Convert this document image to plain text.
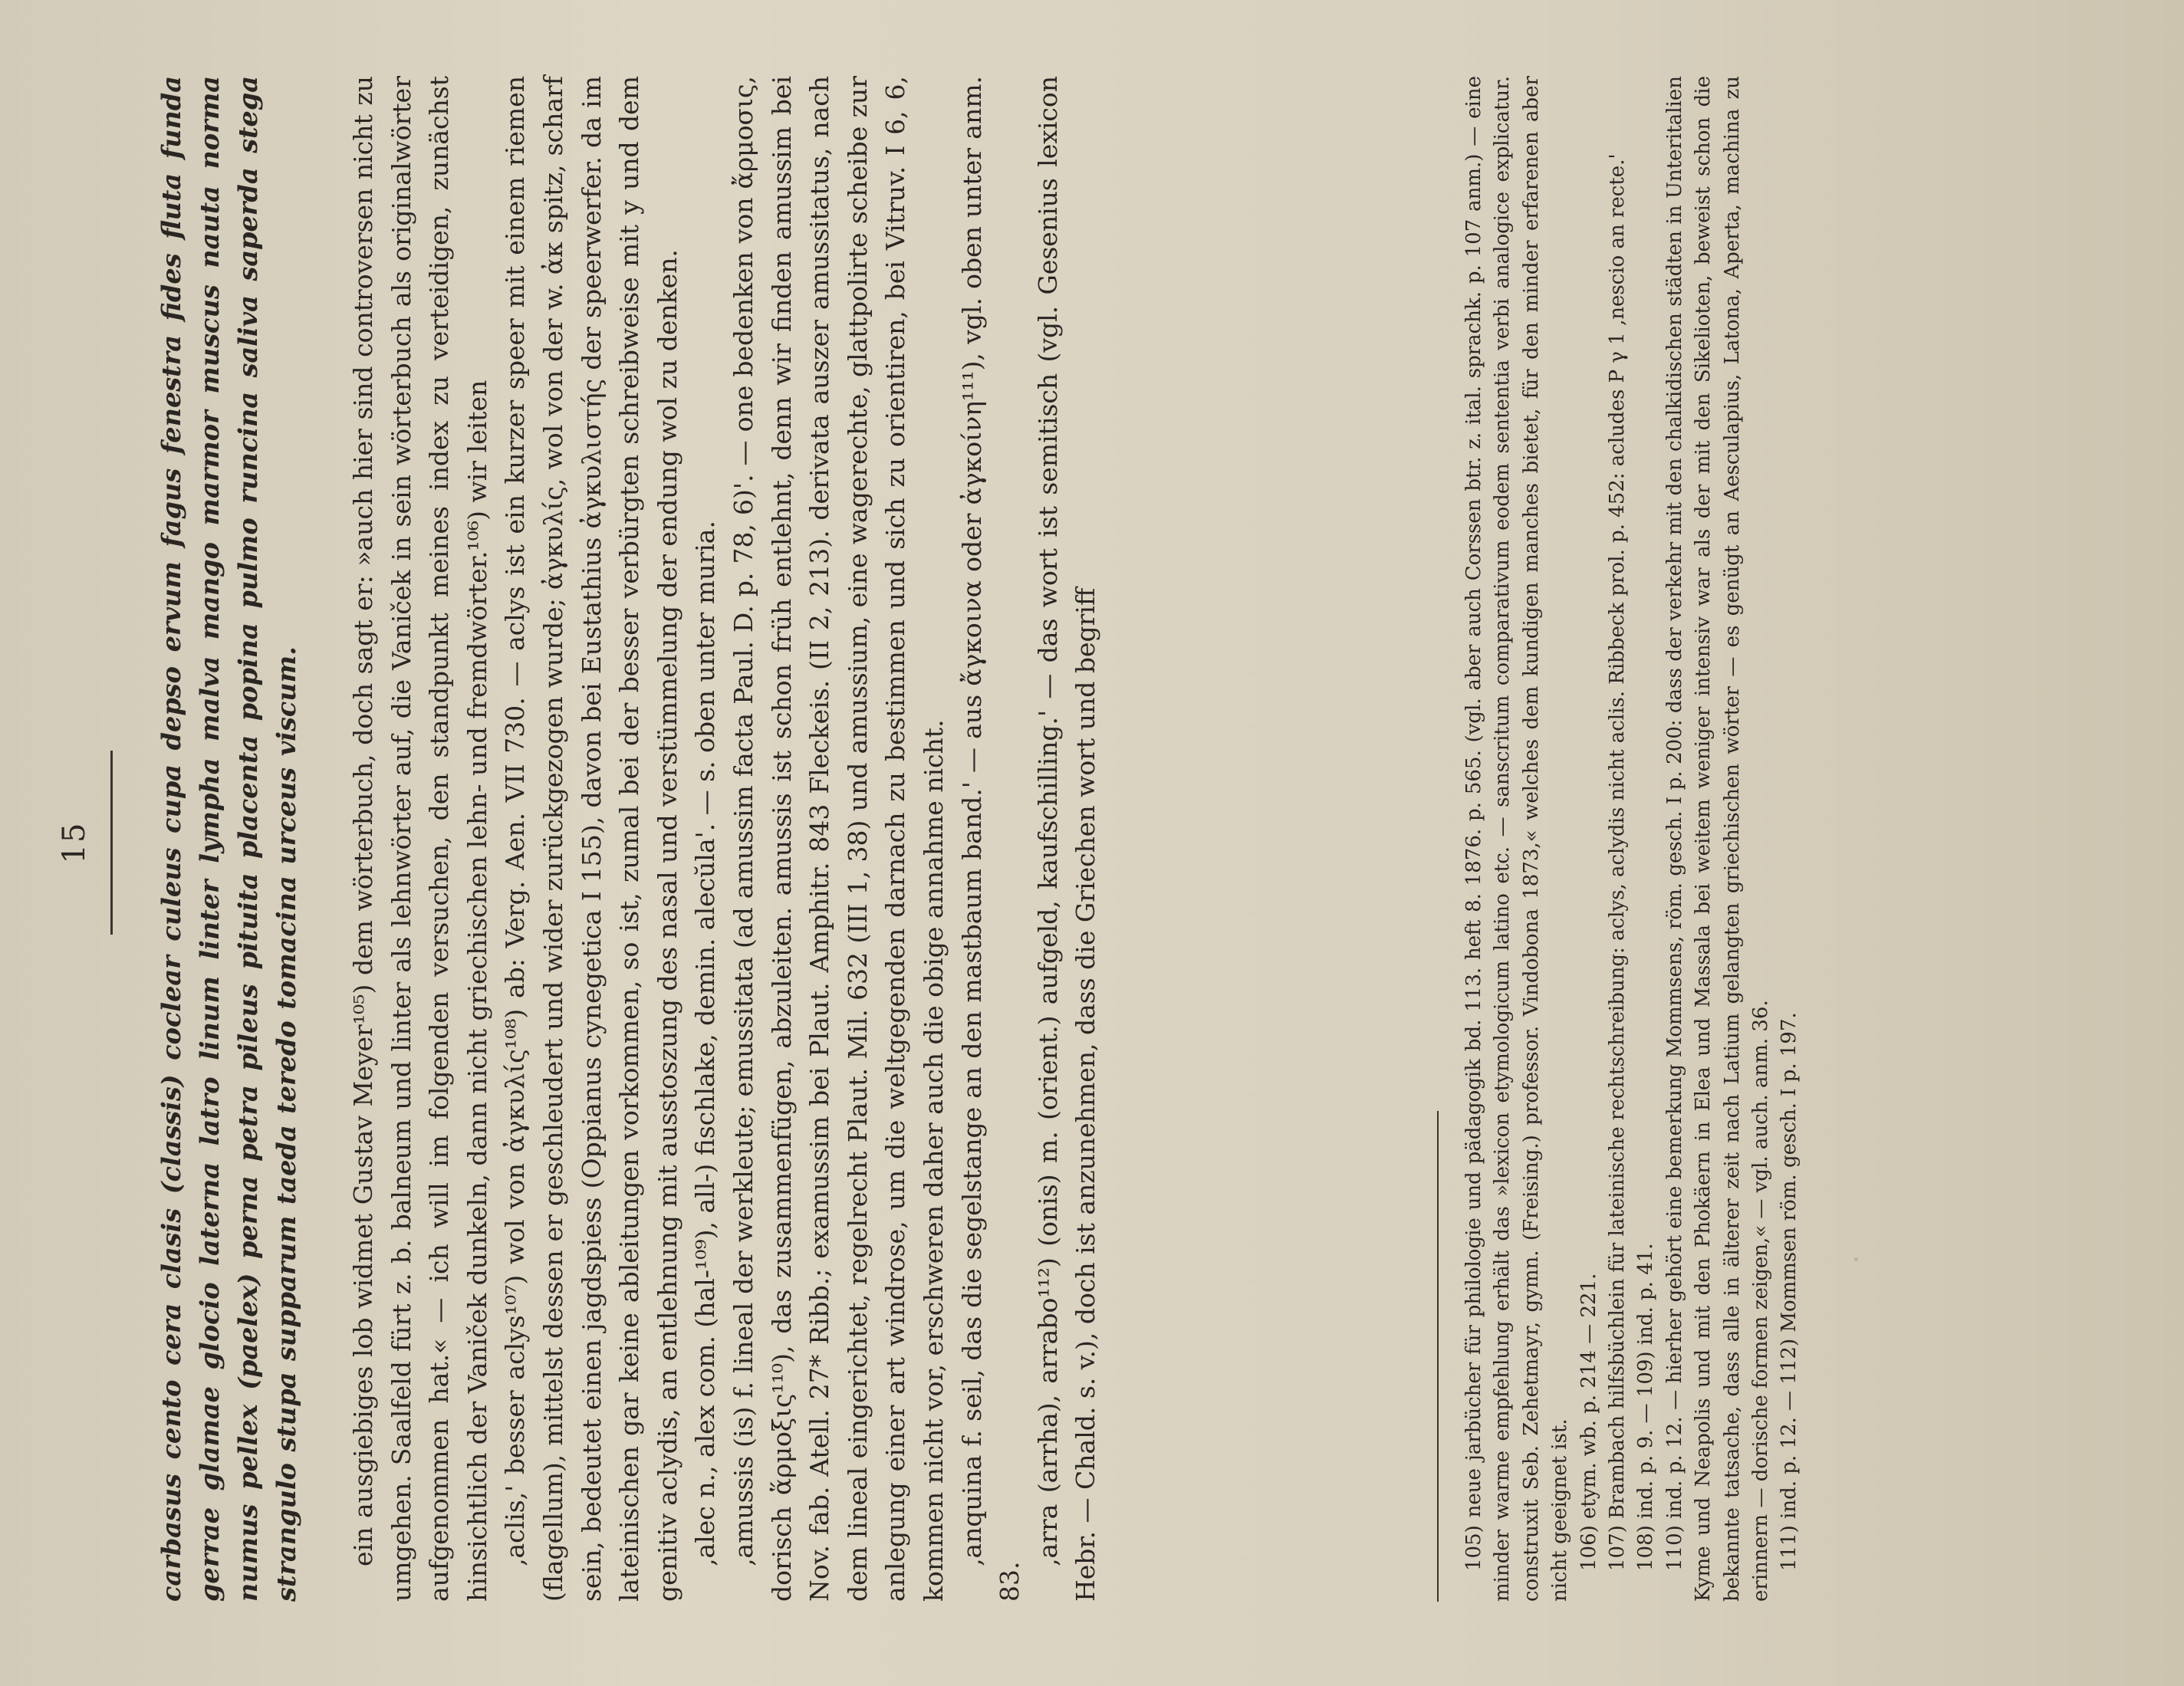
15	carbasus cento cera clasis (classis) coclear culeus cupa depso ervum fagus fenestra fides fluta funda gerrae glamae glocio laterna latro linum linter lympha malva mango marmor muscus nauta norma numus pellex (paelex) perna petra pileus pituita placenta popina pulmo runcina saliva saperda stega strangulo stupa supparum taeda teredo tomacina urceus viscum. ein ausgiebiges lob widmet Gustav Meyer¹⁰⁵) dem wörterbuch, doch sagt er: »auch hier sind controversen nicht zu umgehen. Saalfeld fürt z. b. balneum und linter als lehnwörter auf, die Vaniček in sein wörterbuch als originalwörter aufgenommen hat.« — ich will im folgenden versuchen, den standpunkt meines index zu verteidigen, zunächst hinsichtlich der Vaniček dunkeln, dann nicht griechischen lehn- und fremdwörter.¹⁰⁶) wir leiten ‚aclis,' besser aclys¹⁰⁷) wol von ἀγκυλίς¹⁰⁸) ab: Verg. Aen. VII 730. — aclys ist ein kurzer speer mit einem riemen (flagellum), mittelst dessen er geschleudert und wider zurückgezogen wurde; ἀγκυλίς, wol von der w. ἀκ spitz, scharf sein, bedeutet einen jagdspiess (Oppianus cynegetica I 155), davon bei Eustathius ἀγκυλιστής der speerwerfer. da im lateinischen gar keine ableitungen vorkommen, so ist, zumal bei der besser verbürgten schreibweise mit y und dem genitiv aclydis, an entlehnung mit ausstoszung des nasal und verstümmelung der endung wol zu denken. ‚alec n., alex com. (hal-¹⁰⁹), all-) fischlake, demin. alecŭla'. — s. oben unter muria. ‚amussis (is) f. lineal der werkleute; emussitata (ad amussim facta Paul. D. p. 78, 6)'. — one bedenken von ἄρμοσις, dorisch ἅρμοξις¹¹⁰), das zusammenfügen, abzuleiten. amussis ist schon früh entlehnt, denn wir finden amussim bei Nov. fab. Atell. 27* Ribb.; examussim bei Plaut. Amphitr. 843 Fleckeis. (II 2, 213). derivata auszer amussitatus, nach dem lineal eingerichtet, regelrecht Plaut. Mil. 632 (III 1, 38) und amussium, eine wagerechte, glattpolirte scheibe zur anlegung einer art windrose, um die weltgegenden darnach zu bestimmen und sich zu orientiren, bei Vitruv. I 6, 6, kommen nicht vor, erschweren daher auch die obige annahme nicht. ‚anquina f. seil, das die segelstange an den mastbaum band.' — aus ἄγκοινα oder ἀγκοίνη¹¹¹), vgl. oben unter anm. 83.

‚arra (arrha), arrabo¹¹²) (onis) m. (orient.) aufgeld, kaufschilling.' — das wort ist semitisch (vgl. Gesenius lexicon Hebr. — Chald. s. v.), doch ist anzunehmen, dass die Griechen wort und begriff	105) neue jarbücher für philologie und pädagogik bd. 113. heft 8. 1876. p. 565. (vgl. aber auch Corssen btr. z. ital. sprachk. p. 107 anm.) — eine minder warme empfehlung erhält das »lexicon etymologicum latino etc. — sanscritum comparativum eodem sententia verbi analogice explicatur. construxit Seb. Zehetmayr, gymn. (Freising.) professor. Vindobona 1873,« welches dem kundigen manches bietet, für den minder erfarenen aber nicht geeignet ist. 106) etym. wb. p. 214 — 221. 107) Brambach hilfsbüchlein für lateinische rechtschreibung: aclys, aclydis nicht aclis. Ribbeck prol. p. 452: acludes P γ 1 ‚nescio an recte.' 108) ind. p. 9. — 109) ind. p. 41. 110) ind. p. 12. — hierher gehört eine bemerkung Mommsens, röm. gesch. I p. 200: dass der verkehr mit den chalkidischen städten in Unteritalien Kyme und Neapolis und mit den Phokäern in Elea und Massala bei weitem weniger intensiv war als der mit den Sikelioten, beweist schon die bekannte tatsache, dass alle in älterer zeit nach Latium gelangten griechischen wörter — es genügt an Aesculapius, Latona, Aperta, machina zu erinnern — dorische formen zeigen,« — vgl. auch. anm. 36. 111) ind. p. 12. — 112) Mommsen röm. gesch. I p. 197.
